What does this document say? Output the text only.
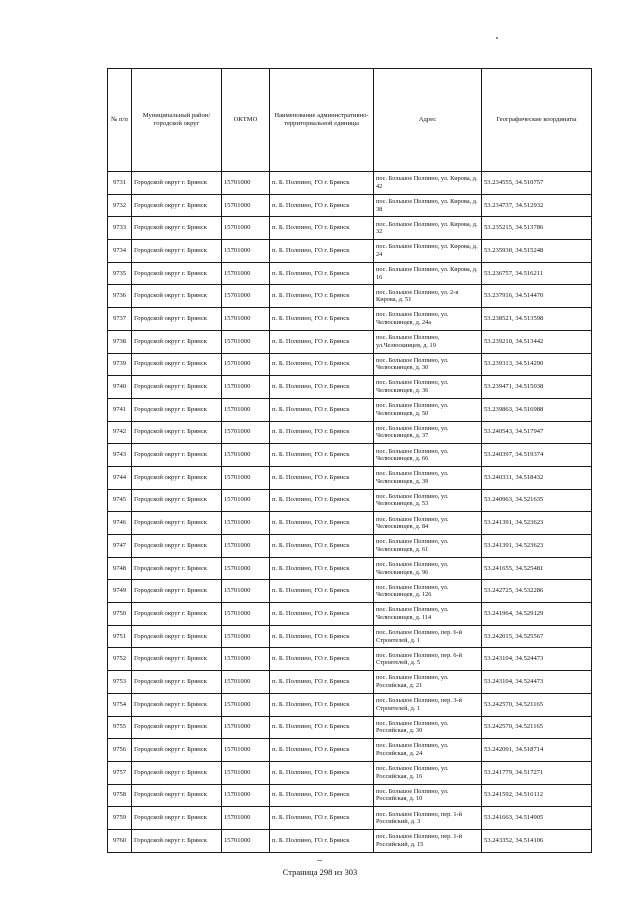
№ п/п	Муниципальный район/городской округ	ОКТМО	Наименование административно-территориальной единицы	Адрес	Географические координаты
9731	Городской округ г. Брянск	15701000	п. Б. Полпино, ГО г. Брянск	пос. Большое Полпино, ул. Кирова, д. 42	53.234555, 34.510757
9732	Городской округ г. Брянск	15701000	п. Б. Полпино, ГО г. Брянск	пос. Большое Полпино, ул. Кирова, д. 38	53.234737, 34.512932
9733	Городской округ г. Брянск	15701000	п. Б. Полпино, ГО г. Брянск	пос. Большое Полпино, ул. Кирова, д. 32	53.235215, 34.513786
9734	Городской округ г. Брянск	15701000	п. Б. Полпино, ГО г. Брянск	пос. Большое Полпино, ул. Кирова, д. 24	53.235930, 34.515248
9735	Городской округ г. Брянск	15701000	п. Б. Полпино, ГО г. Брянск	пос. Большое Полпино, ул. Кирова, д. 16	53.236757, 34.516211
9736	Городской округ г. Брянск	15701000	п. Б. Полпино, ГО г. Брянск	пос. Большое Полпино, ул. 2-я Кирова, д. 51	53.237916, 34.514470
9737	Городской округ г. Брянск	15701000	п. Б. Полпино, ГО г. Брянск	пос. Большое Полпино, ул. Челюскинцев, д. 24а	53.238521, 34.513598
9738	Городской округ г. Брянск	15701000	п. Б. Полпино, ГО г. Брянск	пос. Большое Полпино, ул.Челюскинцев, д. 19	53.239210, 34.513442
9739	Городской округ г. Брянск	15701000	п. Б. Полпино, ГО г. Брянск	пос. Большое Полпино, ул. Челюскинцев, д. 30	53.239313, 34.514290
9740	Городской округ г. Брянск	15701000	п. Б. Полпино, ГО г. Брянск	пос. Большое Полпино, ул. Челюскинцев, д. 36	53.239471, 34.515038
9741	Городской округ г. Брянск	15701000	п. Б. Полпино, ГО г. Брянск	пос. Большое Полпино, ул. Челюскинцев, д. 50	53.239863, 34.516988
9742	Городской округ г. Брянск	15701000	п. Б. Полпино, ГО г. Брянск	пос. Большое Полпино, ул. Челюскинцев, д. 37	53.240543, 34.517947
9743	Городской округ г. Брянск	15701000	п. Б. Полпино, ГО г. Брянск	пос. Большое Полпино, ул. Челюскинцев, д. 66	53.240397, 34.519374
9744	Городской округ г. Брянск	15701000	п. Б. Полпино, ГО г. Брянск	пос. Большое Полпино, ул. Челюскинцев, д. 39	53.240331, 34.518432
9745	Городской округ г. Брянск	15701000	п. Б. Полпино, ГО г. Брянск	пос. Большое Полпино, ул. Челюскинцев, д. 53	53.240963, 34.521635
9746	Городской округ г. Брянск	15701000	п. Б. Полпино, ГО г. Брянск	пос. Большое Полпино, ул. Челюскинцев, д. 84	53.241391, 34.523623
9747	Городской округ г. Брянск	15701000	п. Б. Полпино, ГО г. Брянск	пос. Большое Полпино, ул. Челюскинцев, д. 61	53.241391, 34.523623
9748	Городской округ г. Брянск	15701000	п. Б. Полпино, ГО г. Брянск	пос. Большое Полпино, ул. Челюскинцев, д. 96	53.241655, 34.525481
9749	Городской округ г. Брянск	15701000	п. Б. Полпино, ГО г. Брянск	пос. Большое Полпино, ул. Челюскинцев, д. 126	53.242725, 34.532286
9750	Городской округ г. Брянск	15701000	п. Б. Полпино, ГО г. Брянск	пос. Большое Полпино, ул. Челюскинцев, д. 114	53.241964, 34.529129
9751	Городской округ г. Брянск	15701000	п. Б. Полпино, ГО г. Брянск	пос. Большое Полпино, пер. 6-й Строителей, д. 1	53.242015, 34.525567
9752	Городской округ г. Брянск	15701000	п. Б. Полпино, ГО г. Брянск	пос. Большое Полпино, пер. 6-й Строителей, д. 5	53.243104, 34.524473
9753	Городской округ г. Брянск	15701000	п. Б. Полпино, ГО г. Брянск	пос. Большое Полпино, ул. Российская, д. 21	53.243104, 34.524473
9754	Городской округ г. Брянск	15701000	п. Б. Полпино, ГО г. Брянск	пос. Большое Полпино, пер. 3-й Строителей, д. 1	53.242570, 34.521165
9755	Городской округ г. Брянск	15701000	п. Б. Полпино, ГО г. Брянск	пос. Большое Полпино, ул. Российская, д. 30	53.242570, 34.521165
9756	Городской округ г. Брянск	15701000	п. Б. Полпино, ГО г. Брянск	пос. Большое Полпино, ул. Российская, д. 24	53.242091, 34.518714
9757	Городской округ г. Брянск	15701000	п. Б. Полпино, ГО г. Брянск	пос. Большое Полпино, ул. Российская, д. 16	53.241779, 34.517271
9758	Городской округ г. Брянск	15701000	п. Б. Полпино, ГО г. Брянск	пос. Большое Полпино, ул. Российская, д. 10	53.241592, 34.516112
9759	Городской округ г. Брянск	15701000	п. Б. Полпино, ГО г. Брянск	пос. Большое Полпино, пер. 1-й Российский, д. 3	53.241663, 34.514905
9760	Городской округ г. Брянск	15701000	п. Б. Полпино, ГО г. Брянск	пос. Большое Полпино, пер. 1-й Российский, д. 15	53.243352, 34.514106
Страница 298 из 303
